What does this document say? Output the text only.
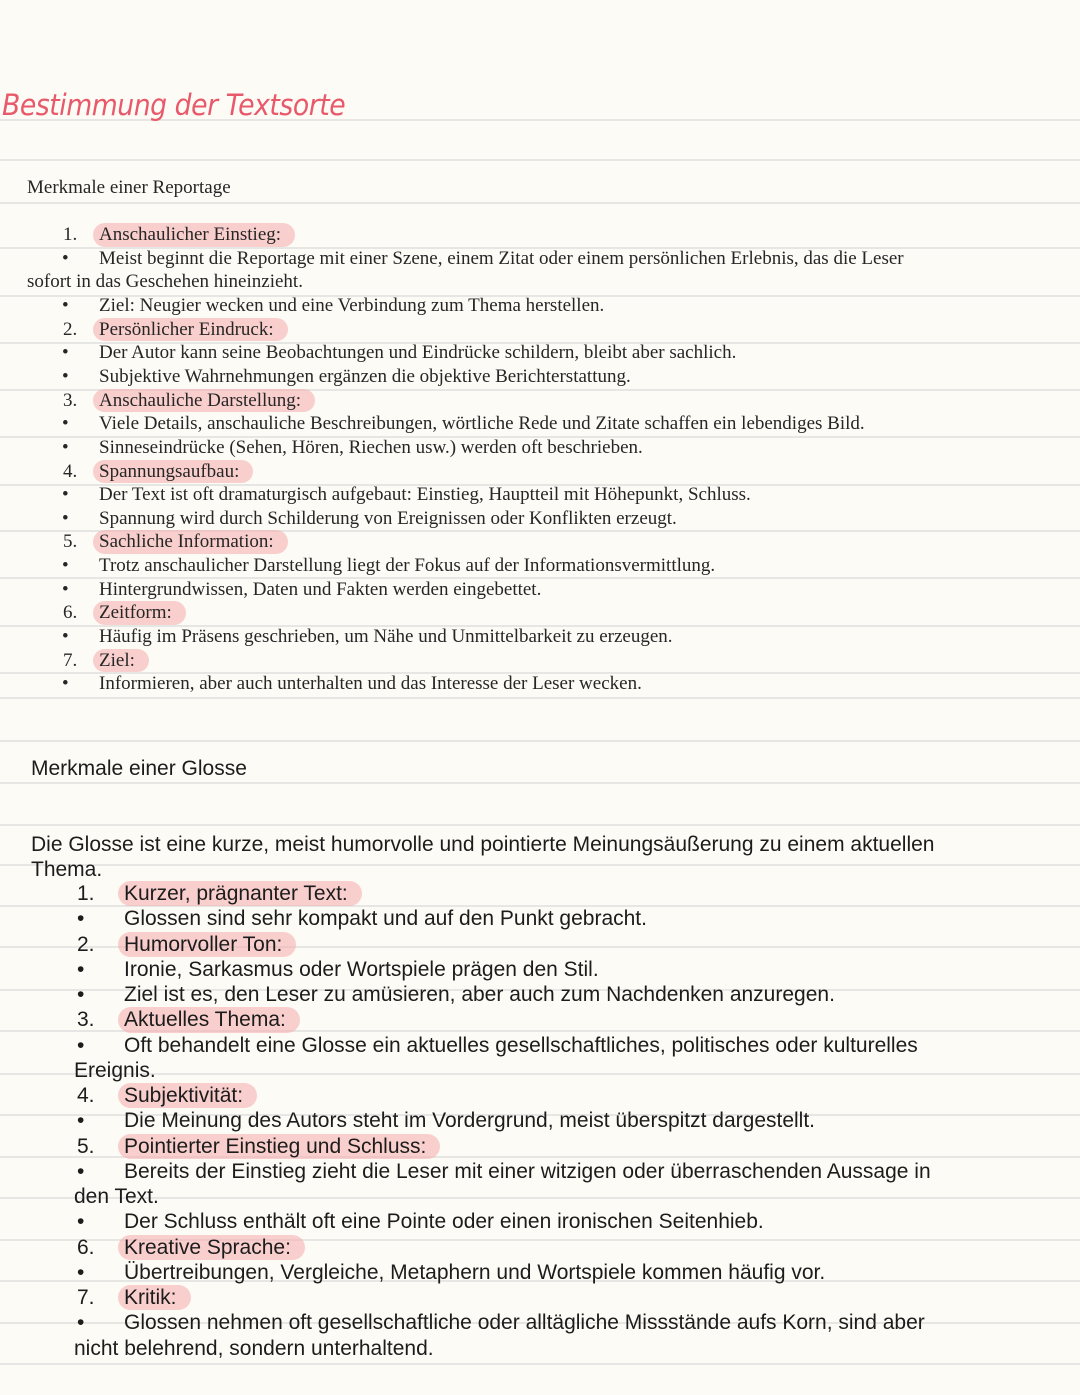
Bestimmung der Textsorte
Merkmale einer Reportage
1.	Anschaulicher Einstieg:
• Meist beginnt die Reportage mit einer Szene, einem Zitat oder einem persönlichen Erlebnis, das die Leser
sofort in das Geschehen hineinzieht.
• Ziel: Neugier wecken und eine Verbindung zum Thema herstellen.
2.	Persönlicher Eindruck:
• Der Autor kann seine Beobachtungen und Eindrücke schildern, bleibt aber sachlich.
• Subjektive Wahrnehmungen ergänzen die objektive Berichterstattung.
3.	Anschauliche Darstellung:
• Viele Details, anschauliche Beschreibungen, wörtliche Rede und Zitate schaffen ein lebendiges Bild.
• Sinneseindrücke (Sehen, Hören, Riechen usw.) werden oft beschrieben.
4.	Spannungsaufbau:
• Der Text ist oft dramaturgisch aufgebaut: Einstieg, Hauptteil mit Höhepunkt, Schluss.
• Spannung wird durch Schilderung von Ereignissen oder Konflikten erzeugt.
5.	Sachliche Information:
• Trotz anschaulicher Darstellung liegt der Fokus auf der Informationsvermittlung.
• Hintergrundwissen, Daten und Fakten werden eingebettet.
6.	Zeitform:
• Häufig im Präsens geschrieben, um Nähe und Unmittelbarkeit zu erzeugen.
7.	Ziel:
• Informieren, aber auch unterhalten und das Interesse der Leser wecken.
Merkmale einer Glosse
Die Glosse ist eine kurze, meist humorvolle und pointierte Meinungsäußerung zu einem aktuellen
Thema.
1. Kurzer, prägnanter Text:
• Glossen sind sehr kompakt und auf den Punkt gebracht.
2. Humorvoller Ton:
• Ironie, Sarkasmus oder Wortspiele prägen den Stil.
• Ziel ist es, den Leser zu amüsieren, aber auch zum Nachdenken anzuregen.
3. Aktuelles Thema:
• Oft behandelt eine Glosse ein aktuelles gesellschaftliches, politisches oder kulturelles
Ereignis.
4. Subjektivität:
• Die Meinung des Autors steht im Vordergrund, meist überspitzt dargestellt.
5. Pointierter Einstieg und Schluss:
• Bereits der Einstieg zieht die Leser mit einer witzigen oder überraschenden Aussage in
den Text.
• Der Schluss enthält oft eine Pointe oder einen ironischen Seitenhieb.
6. Kreative Sprache:
• Übertreibungen, Vergleiche, Metaphern und Wortspiele kommen häufig vor.
7. Kritik:
• Glossen nehmen oft gesellschaftliche oder alltägliche Missstände aufs Korn, sind aber
nicht belehrend, sondern unterhaltend.
